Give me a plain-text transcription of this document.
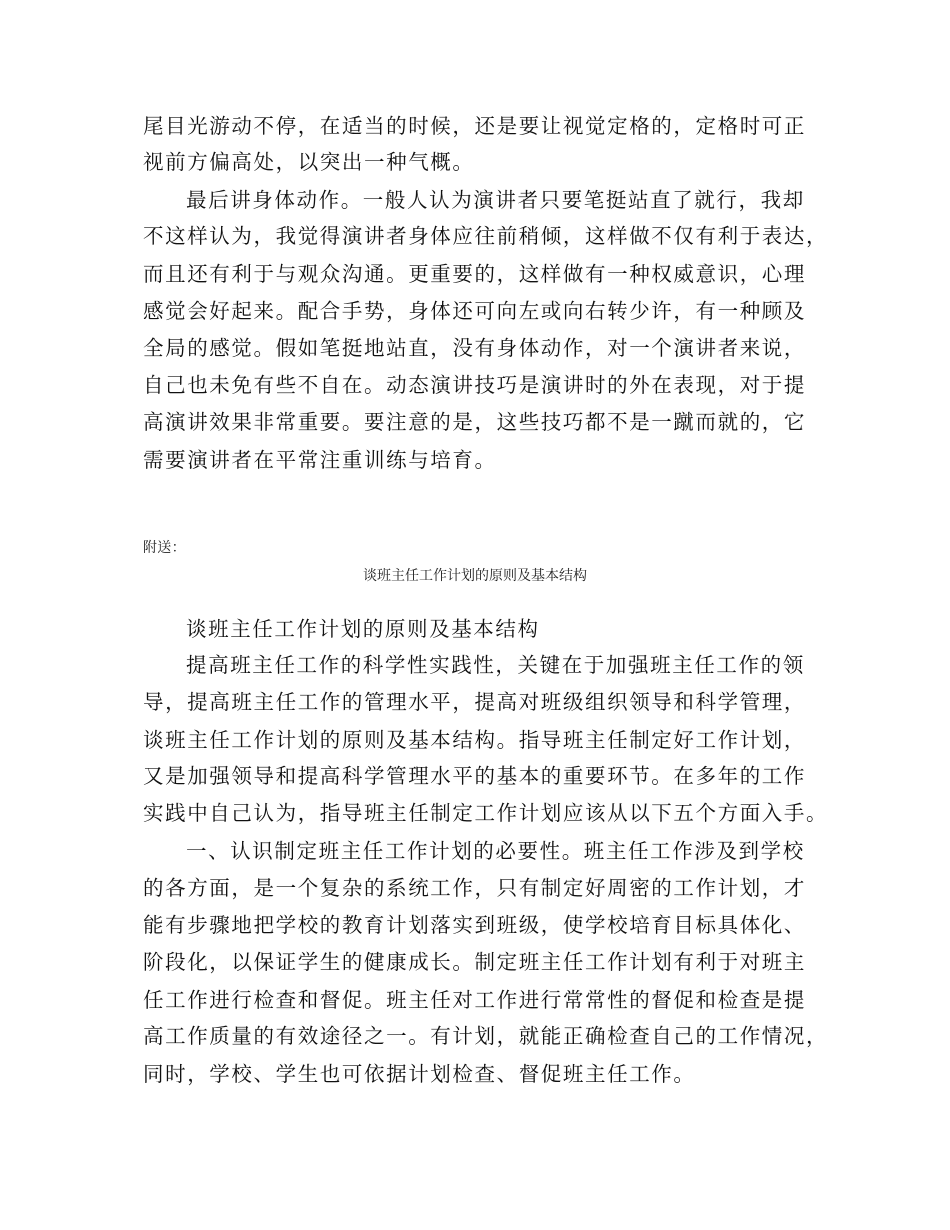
尾目光游动不停，在适当的时候，还是要让视觉定格的，定格时可正
视前方偏高处，以突出一种气概。
最后讲身体动作。一般人认为演讲者只要笔挺站直了就行，我却
不这样认为，我觉得演讲者身体应往前稍倾，这样做不仅有利于表达，
而且还有利于与观众沟通。更重要的，这样做有一种权威意识，心理
感觉会好起来。配合手势，身体还可向左或向右转少许，有一种顾及
全局的感觉。假如笔挺地站直，没有身体动作，对一个演讲者来说，
自己也未免有些不自在。动态演讲技巧是演讲时的外在表现，对于提
高演讲效果非常重要。要注意的是，这些技巧都不是一蹴而就的，它
需要演讲者在平常注重训练与培育。
附送：
谈班主任工作计划的原则及基本结构
谈班主任工作计划的原则及基本结构
提高班主任工作的科学性实践性，关键在于加强班主任工作的领
导，提高班主任工作的管理水平，提高对班级组织领导和科学管理，
谈班主任工作计划的原则及基本结构。指导班主任制定好工作计划，
又是加强领导和提高科学管理水平的基本的重要环节。在多年的工作
实践中自己认为，指导班主任制定工作计划应该从以下五个方面入手。
一、认识制定班主任工作计划的必要性。班主任工作涉及到学校
的各方面，是一个复杂的系统工作，只有制定好周密的工作计划，才
能有步骤地把学校的教育计划落实到班级，使学校培育目标具体化、
阶段化，以保证学生的健康成长。制定班主任工作计划有利于对班主
任工作进行检查和督促。班主任对工作进行常常性的督促和检查是提
高工作质量的有效途径之一。有计划，就能正确检查自己的工作情况，
同时，学校、学生也可依据计划检查、督促班主任工作。
